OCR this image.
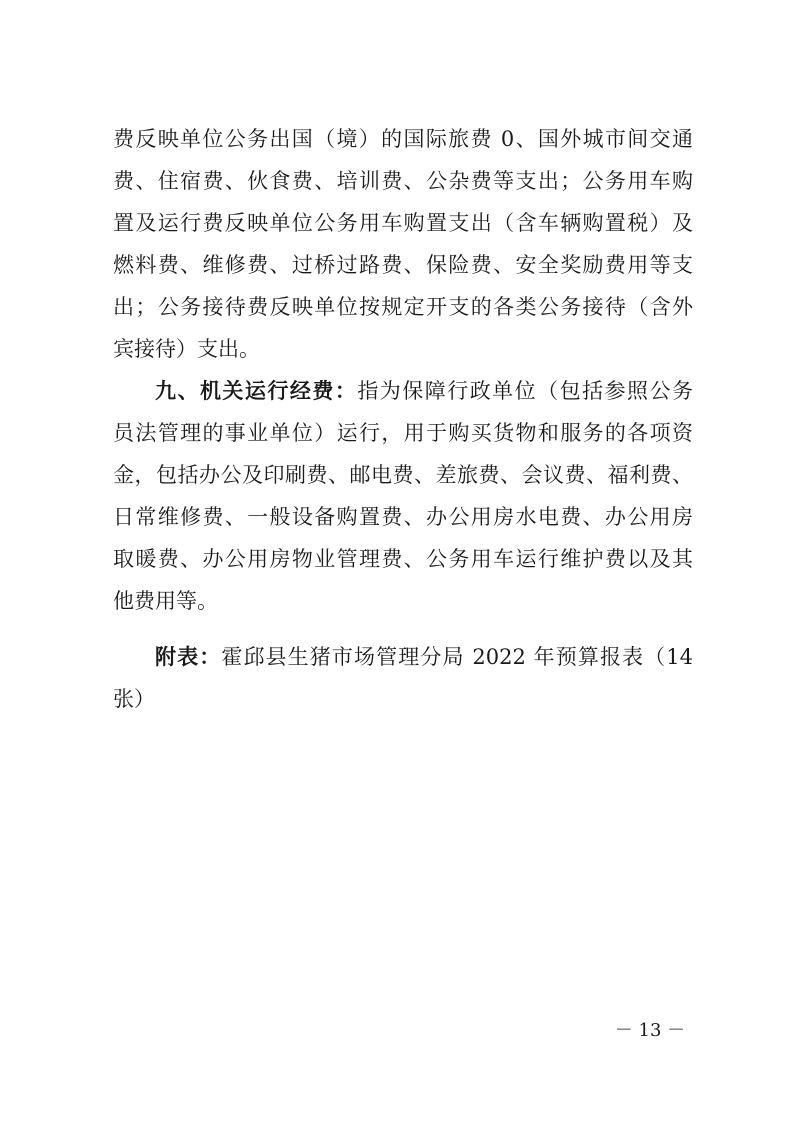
费反映单位公务出国（境）的国际旅费 0、国外城市间交通
费、住宿费、伙食费、培训费、公杂费等支出；公务用车购
置及运行费反映单位公务用车购置支出（含车辆购置税）及
燃料费、维修费、过桥过路费、保险费、安全奖励费用等支
出；公务接待费反映单位按规定开支的各类公务接待（含外
宾接待）支出。
九、机关运行经费：指为保障行政单位（包括参照公务
员法管理的事业单位）运行，用于购买货物和服务的各项资
金，包括办公及印刷费、邮电费、差旅费、会议费、福利费、
日常维修费、一般设备购置费、办公用房水电费、办公用房
取暖费、办公用房物业管理费、公务用车运行维护费以及其
他费用等。
附表：霍邱县生猪市场管理分局 2022 年预算报表（14
张）
－ 13 －
